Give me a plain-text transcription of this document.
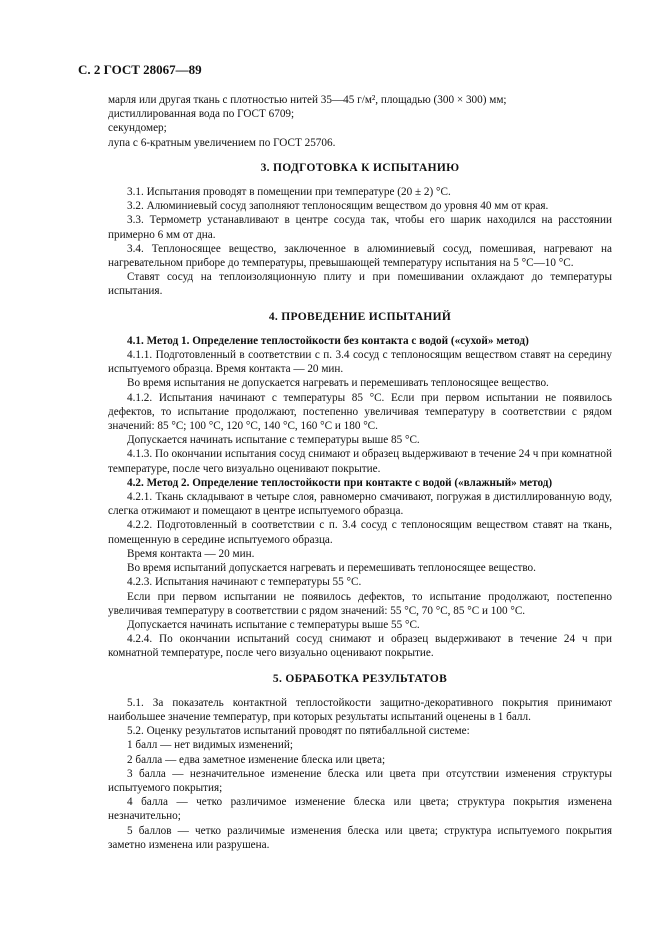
С. 2 ГОСТ 28067—89

марля или другая ткань с плотностью нитей 35—45 г/м², площадью (300 × 300) мм;

дистиллированная вода по ГОСТ 6709;

секундомер;

лупа с 6-кратным увеличением по ГОСТ 25706.

3. ПОДГОТОВКА К ИСПЫТАНИЮ

3.1. Испытания проводят в помещении при температуре (20 ± 2) °С.

3.2. Алюминиевый сосуд заполняют теплоносящим веществом до уровня 40 мм от края.

3.3. Термометр устанавливают в центре сосуда так, чтобы его шарик находился на расстоянии примерно 6 мм от дна.

3.4. Теплоносящее вещество, заключенное в алюминиевый сосуд, помешивая, нагревают на нагревательном приборе до температуры, превышающей температуру испытания на 5 °С—10 °С.

Ставят сосуд на теплоизоляционную плиту и при помешивании охлаждают до температуры испытания.

4. ПРОВЕДЕНИЕ ИСПЫТАНИЙ

4.1. Метод 1. Определение теплостойкости без контакта с водой («сухой» метод)

4.1.1. Подготовленный в соответствии с п. 3.4 сосуд с теплоносящим веществом ставят на середину испытуемого образца. Время контакта — 20 мин.

Во время испытания не допускается нагревать и перемешивать теплоносящее вещество.

4.1.2. Испытания начинают с температуры 85 °С. Если при первом испытании не появилось дефектов, то испытание продолжают, постепенно увеличивая температуру в соответствии с рядом значений: 85 °С; 100 °С, 120 °С, 140 °С, 160 °С и 180 °С.

Допускается начинать испытание с температуры выше 85 °С.

4.1.3. По окончании испытания сосуд снимают и образец выдерживают в течение 24 ч при комнатной температуре, после чего визуально оценивают покрытие.

4.2. Метод 2. Определение теплостойкости при контакте с водой («влажный» метод)

4.2.1. Ткань складывают в четыре слоя, равномерно смачивают, погружая в дистиллированную воду, слегка отжимают и помещают в центре испытуемого образца.

4.2.2. Подготовленный в соответствии с п. 3.4 сосуд с теплоносящим веществом ставят на ткань, помещенную в середине испытуемого образца.

Время контакта — 20 мин.

Во время испытаний допускается нагревать и перемешивать теплоносящее вещество.

4.2.3. Испытания начинают с температуры 55 °С.

Если при первом испытании не появилось дефектов, то испытание продолжают, постепенно увеличивая температуру в соответствии с рядом значений: 55 °С, 70 °С, 85 °С и 100 °С.

Допускается начинать испытание с температуры выше 55 °С.

4.2.4. По окончании испытаний сосуд снимают и образец выдерживают в течение 24 ч при комнатной температуре, после чего визуально оценивают покрытие.

5. ОБРАБОТКА РЕЗУЛЬТАТОВ

5.1. За показатель контактной теплостойкости защитно-декоративного покрытия принимают наибольшее значение температур, при которых результаты испытаний оценены в 1 балл.

5.2. Оценку результатов испытаний проводят по пятибалльной системе:

1 балл — нет видимых изменений;

2 балла — едва заметное изменение блеска или цвета;

3 балла — незначительное изменение блеска или цвета при отсутствии изменения структуры испытуемого покрытия;

4 балла — четко различимое изменение блеска или цвета; структура покрытия изменена незначительно;

5 баллов — четко различимые изменения блеска или цвета; структура испытуемого покрытия заметно изменена или разрушена.
